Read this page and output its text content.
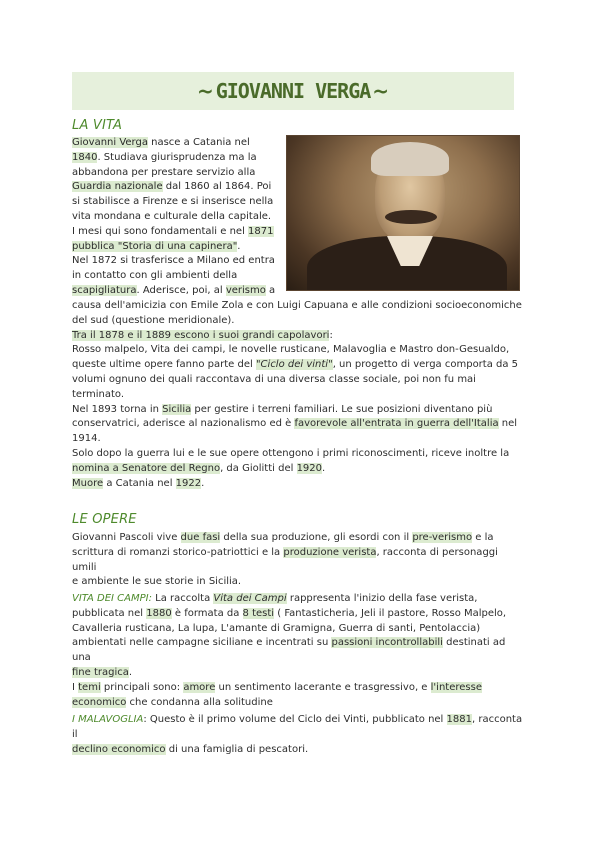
~ GIOVANNI VERGA ~
LA VITA
Giovanni Verga nasce a Catania nel
1840. Studiava giurisprudenza ma la
abbandona per prestare servizio alla
Guardia nazionale dal 1860 al 1864. Poi
si stabilisce a Firenze e si inserisce nella
vita mondana e culturale della capitale.
I mesi qui sono fondamentali e nel 1871
pubblica "Storia di una capinera".
Nel 1872 si trasferisce a Milano ed entra
in contatto con gli ambienti della
scapigliatura. Aderisce, poi, al verismo a
causa dell'amicizia con Emile Zola e con Luigi Capuana e alle condizioni socioeconomiche
del sud (questione meridionale).
Tra il 1878 e il 1889 escono i suoi grandi capolavori:
Rosso malpelo, Vita dei campi, le novelle rusticane, Malavoglia e Mastro don-Gesualdo,
queste ultime opere fanno parte del "Ciclo dei vinti", un progetto di verga comporta da 5
volumi ognuno dei quali raccontava di una diversa classe sociale, poi non fu mai
terminato.
Nel 1893 torna in Sicilia per gestire i terreni familiari. Le sue posizioni diventano più
conservatrici, aderisce al nazionalismo ed è favorevole all'entrata in guerra dell'Italia nel
1914.
Solo dopo la guerra lui e le sue opere ottengono i primi riconoscimenti, riceve inoltre la
nomina a Senatore del Regno, da Giolitti del 1920.
Muore a Catania nel 1922.
LE OPERE
Giovanni Pascoli vive due fasi della sua produzione, gli esordi con il pre-verismo e la
scrittura di romanzi storico-patriottici e la produzione verista, racconta di personaggi umili
e ambiente le sue storie in Sicilia.
VITA DEI CAMPI: La raccolta Vita dei Campi rappresenta l'inizio della fase verista,
pubblicata nel 1880 è formata da 8 testi ( Fantasticheria, Jeli il pastore, Rosso Malpelo,
Cavalleria rusticana, La lupa, L'amante di Gramigna, Guerra di santi, Pentolaccia)
ambientati nelle campagne siciliane e incentrati su passioni incontrollabili destinati ad una
fine tragica.
I temi principali sono: amore un sentimento lacerante e trasgressivo, e l'interesse
economico che condanna alla solitudine
I MALAVOGLIA: Questo è il primo volume del Ciclo dei Vinti, pubblicato nel 1881, racconta il
declino economico di una famiglia di pescatori.
